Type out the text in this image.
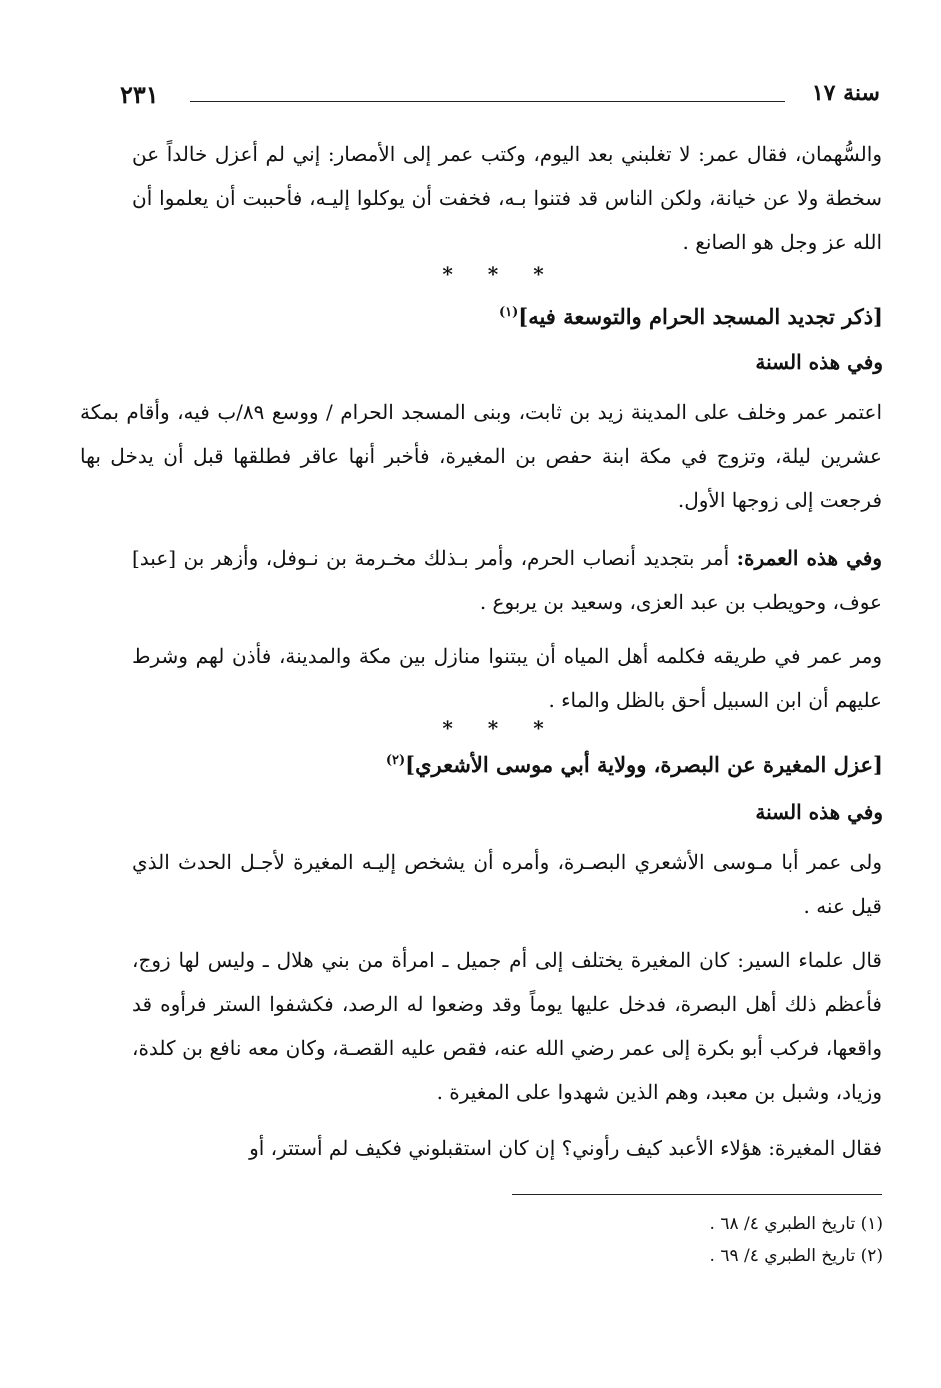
سنة ١٧
٢٣١
والسُّهمان، فقال عمر: لا تغلبني بعد اليوم، وكتب عمر إلى الأمصار: إني لم أعزل خالداً عن سخطة ولا عن خيانة، ولكن الناس قد فتنوا بـه، فخفت أن يوكلوا إليـه، فأحببت أن يعلموا أن الله عز وجل هو الصانع .
* * *
[ذكر تجديد المسجد الحرام والتوسعة فيه]$^{(١)}$
وفي هذه السنة
اعتمر عمر وخلف على المدينة زيد بن ثابت، وبنى المسجد الحرام / ووسع ٨٩/ب فيه، وأقام بمكة عشرين ليلة، وتزوج في مكة ابنة حفص بن المغيرة، فأخبر أنها عاقر فطلقها قبل أن يدخل بها فرجعت إلى زوجها الأول.
وفي هذه العمرة: أمر بتجديد أنصاب الحرم، وأمر بـذلك مخـرمة بن نـوفل، وأزهر بن [عبد] عوف، وحويطب بن عبد العزى، وسعيد بن يربوع .
ومر عمر في طريقه فكلمه أهل المياه أن يبتنوا منازل بين مكة والمدينة، فأذن لهم وشرط عليهم أن ابن السبيل أحق بالظل والماء .
* * *
[عزل المغيرة عن البصرة، وولاية أبي موسى الأشعري]$^{(٢)}$
وفي هذه السنة
ولى عمر أبا مـوسى الأشعري البصـرة، وأمره أن يشخص إليـه المغيرة لأجـل الحدث الذي قيل عنه .
قال علماء السير: كان المغيرة يختلف إلى أم جميل ـ امرأة من بني هلال ـ وليس لها زوج، فأعظم ذلك أهل البصرة، فدخل عليها يوماً وقد وضعوا له الرصد، فكشفوا الستر فرأوه قد واقعها، فركب أبو بكرة إلى عمر رضي الله عنه، فقص عليه القصـة، وكان معه نافع بن كلدة، وزياد، وشبل بن معبد، وهم الذين شهدوا على المغيرة .
فقال المغيرة: هؤلاء الأعبد كيف رأوني؟ إن كان استقبلوني فكيف لم أستتر، أو
(١) تاريخ الطبري ٤/ ٦٨ .
(٢) تاريخ الطبري ٤/ ٦٩ .
